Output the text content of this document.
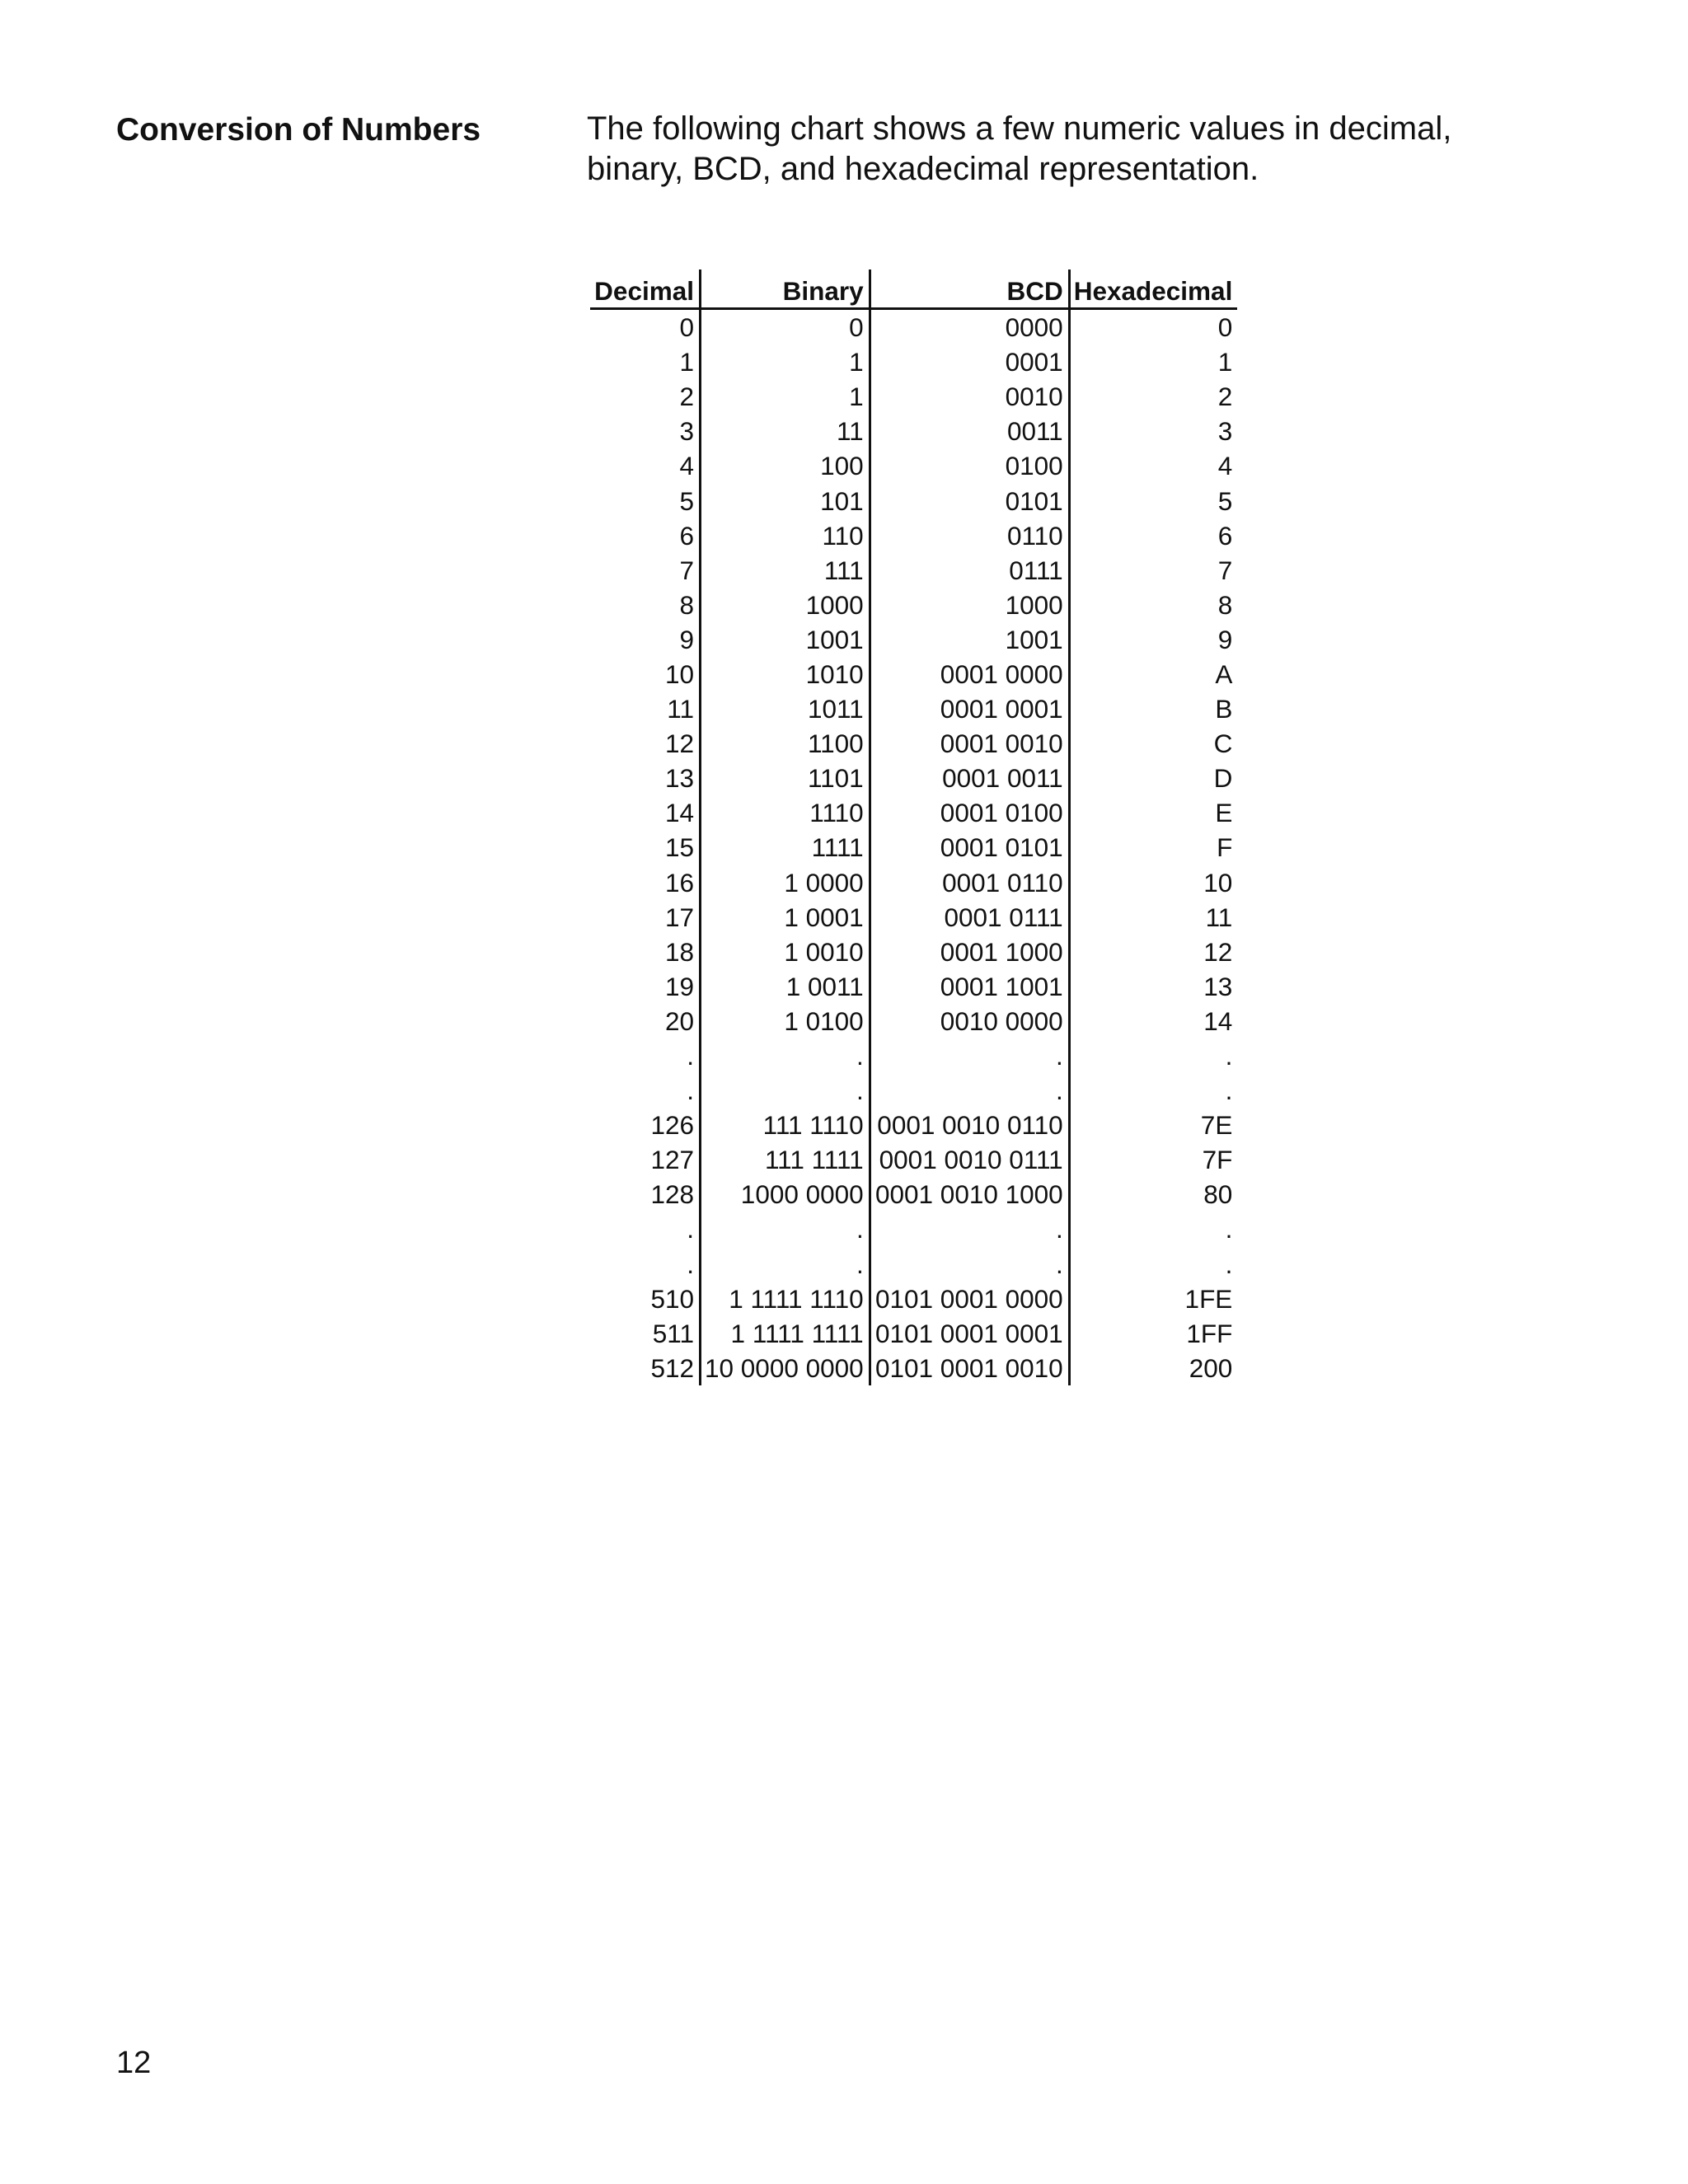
Conversion of Numbers	The following chart shows a few numeric values in decimal,
binary, BCD, and hexadecimal representation.

Decimal	Binary	BCD	Hexadecimal
0	0	0000	0
1	1	0001	1
2	1	0010	2
3	11	0011	3
4	100	0100	4
5	101	0101	5
6	110	0110	6
7	111	0111	7
8	1000	1000	8
9	1001	1001	9
10	1010	0001 0000	A
11	1011	0001 0001	B
12	1100	0001 0010	C
13	1101	0001 0011	D
14	1110	0001 0100	E
15	1111	0001 0101	F
16	1 0000	0001 0110	10
17	1 0001	0001 0111	11
18	1 0010	0001 1000	12
19	1 0011	0001 1001	13
20	1 0100	0010 0000	14
.	.	.	.
.	.	.	.
126	111 1110	0001 0010 0110	7E
127	111 1111	0001 0010 0111	7F
128	1000 0000	0001 0010 1000	80
.	.	.	.
.	.	.	.
510	1 1111 1110	0101 0001 0000	1FE
511	1 1111 1111	0101 0001 0001	1FF
512	10 0000 0000	0101 0001 0010	200

12
